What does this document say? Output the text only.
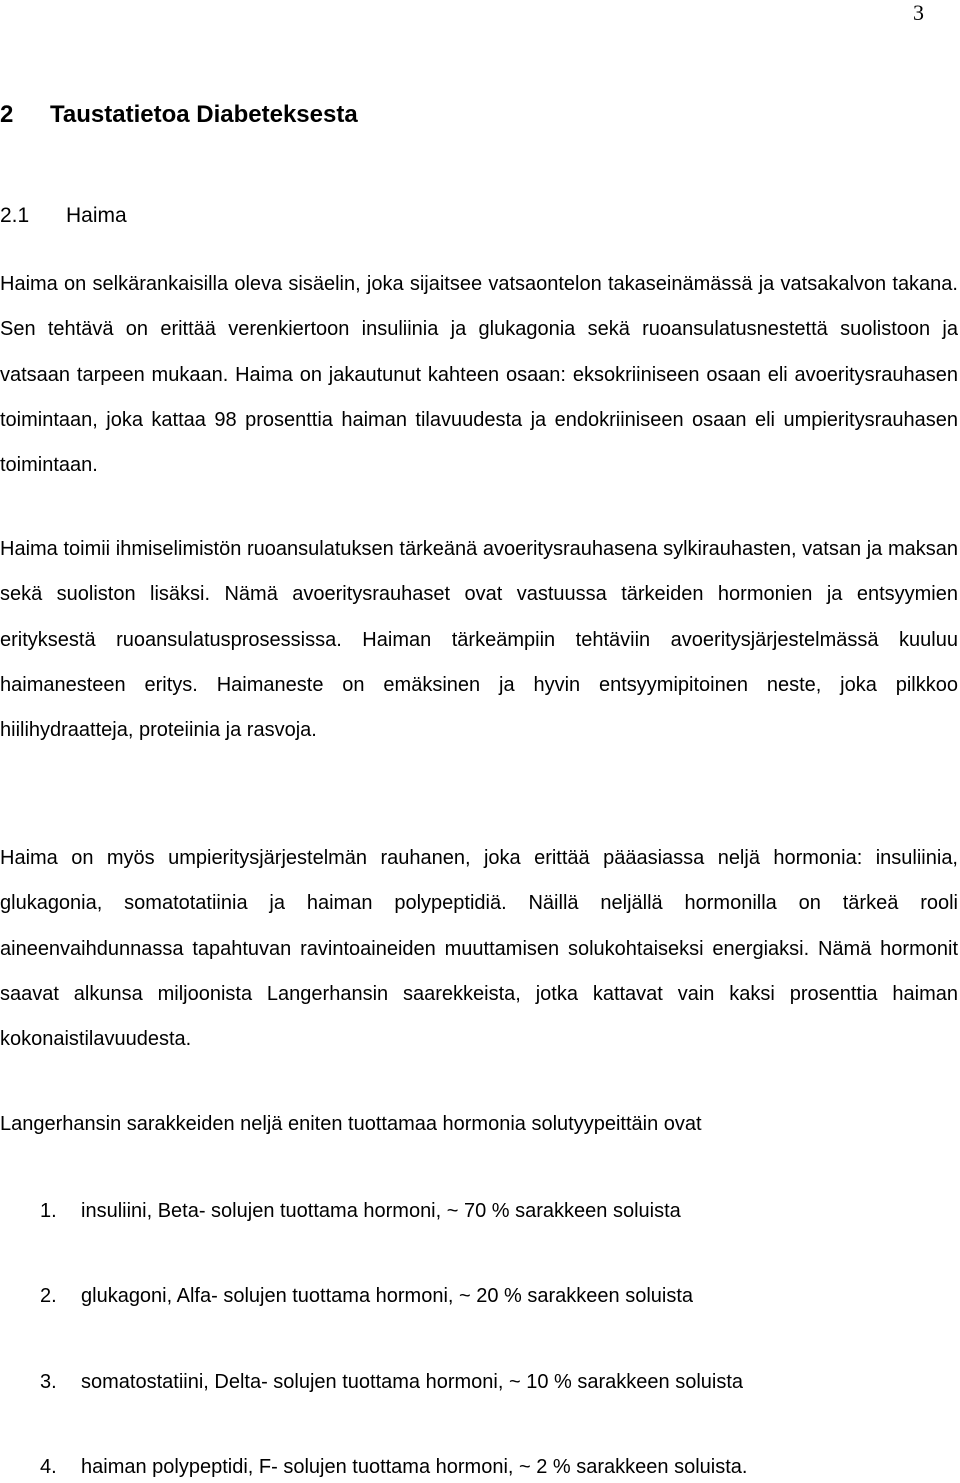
3
2 Taustatietoa Diabeteksesta
2.1 Haima

Haima on selkärankaisilla oleva sisäelin, joka sijaitsee vatsaontelon takaseinämässä ja vatsakalvon takana. Sen tehtävä on erittää verenkiertoon insuliinia ja glukagonia sekä ruoansulatusnestettä suolistoon ja vatsaan tarpeen mukaan. Haima on jakautunut kahteen osaan: eksokriiniseen osaan eli avoeritysrauhasen toimintaan, joka kattaa 98 prosenttia haiman tilavuudesta ja endokriiniseen osaan eli umpieritysrauhasen toimintaan.

Haima toimii ihmiselimistön ruoansulatuksen tärkeänä avoeritysrauhasena sylkirauhasten, vatsan ja maksan sekä suoliston lisäksi. Nämä avoeritysrauhaset ovat vastuussa tärkeiden hormonien ja entsyymien erityksestä ruoansulatusprosessissa. Haiman tärkeämpiin tehtäviin avoeritysjärjestelmässä kuuluu haimanesteen eritys. Haimaneste on emäksinen ja hyvin entsyymipitoinen neste, joka pilkkoo hiilihydraatteja, proteiinia ja rasvoja.

Haima on myös umpieritysjärjestelmän rauhanen, joka erittää pääasiassa neljä hormonia: insuliinia, glukagonia, somatotatiinia ja haiman polypeptidiä. Näillä neljällä hormonilla on tärkeä rooli aineenvaihdunnassa tapahtuvan ravintoaineiden muuttamisen solukohtaiseksi energiaksi. Nämä hormonit saavat alkunsa miljoonista Langerhansin saarekkeista, jotka kattavat vain kaksi prosenttia haiman kokonaistilavuudesta.

Langerhansin sarakkeiden neljä eniten tuottamaa hormonia solutyypeittäin ovat

1. insuliini, Beta- solujen tuottama hormoni, ~ 70 % sarakkeen soluista
2. glukagoni, Alfa- solujen tuottama hormoni, ~ 20 % sarakkeen soluista
3. somatostatiini, Delta- solujen tuottama hormoni, ~ 10 % sarakkeen soluista
4. haiman polypeptidi, F- solujen tuottama hormoni, ~ 2 % sarakkeen soluista.
